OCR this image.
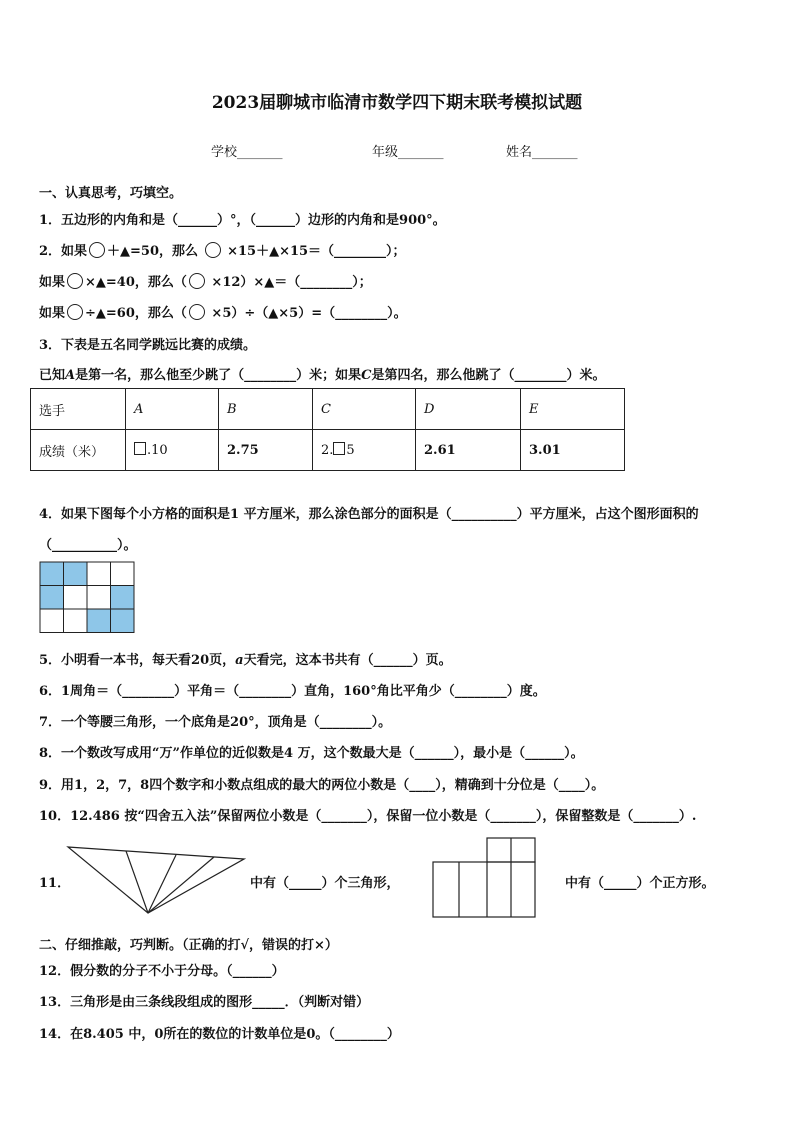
2023届聊城市临清市数学四下期末联考模拟试题
学校_______	年级_______	姓名_______
一、认真思考，巧填空。
1．五边形的内角和是（______）°，（______）边形的内角和是900°。
2．如果 ＋▲=50，那么 ×15＋▲×15＝（________）；
如果 ×▲=40，那么（ ×12）×▲＝（________）；
如果 ÷▲=60，那么（ ×5）÷（▲×5）=（________）。
3．下表是五名同学跳远比赛的成绩。
已知A是第一名，那么他至少跳了（________）米；如果C是第四名，那么他跳了（________）米。
选手	A	B	C	D	E
成绩（米）	.10	2.75	2. 5	2.61	3.01
4．如果下图每个小方格的面积是1 平方厘米，那么涂色部分的面积是（__________）平方厘米，占这个图形面积的
（__________）。
5．小明看一本书，每天看20页，a天看完，这本书共有（______）页。
6．1周角＝（________）平角＝（________）直角，160°角比平角少（________）度。
7．一个等腰三角形，一个底角是20°，顶角是（________）。
8．一个数改写成用“万”作单位的近似数是4 万，这个数最大是（______），最小是（______）。
9．用1，2，7，8四个数字和小数点组成的最大的两位小数是（____），精确到十分位是（____）。
10．12.486 按“四舍五入法”保留两位小数是（_______），保留一位小数是（_______），保留整数是（_______）.
11．	中有（_____）个三角形，	中有（_____）个正方形。
二、仔细推敲，巧判断。（正确的打√，错误的打×）
12．假分数的分子不小于分母。（______）
13．三角形是由三条线段组成的图形_____．（判断对错）
14．在8.405 中，0所在的数位的计数单位是0。（________）
